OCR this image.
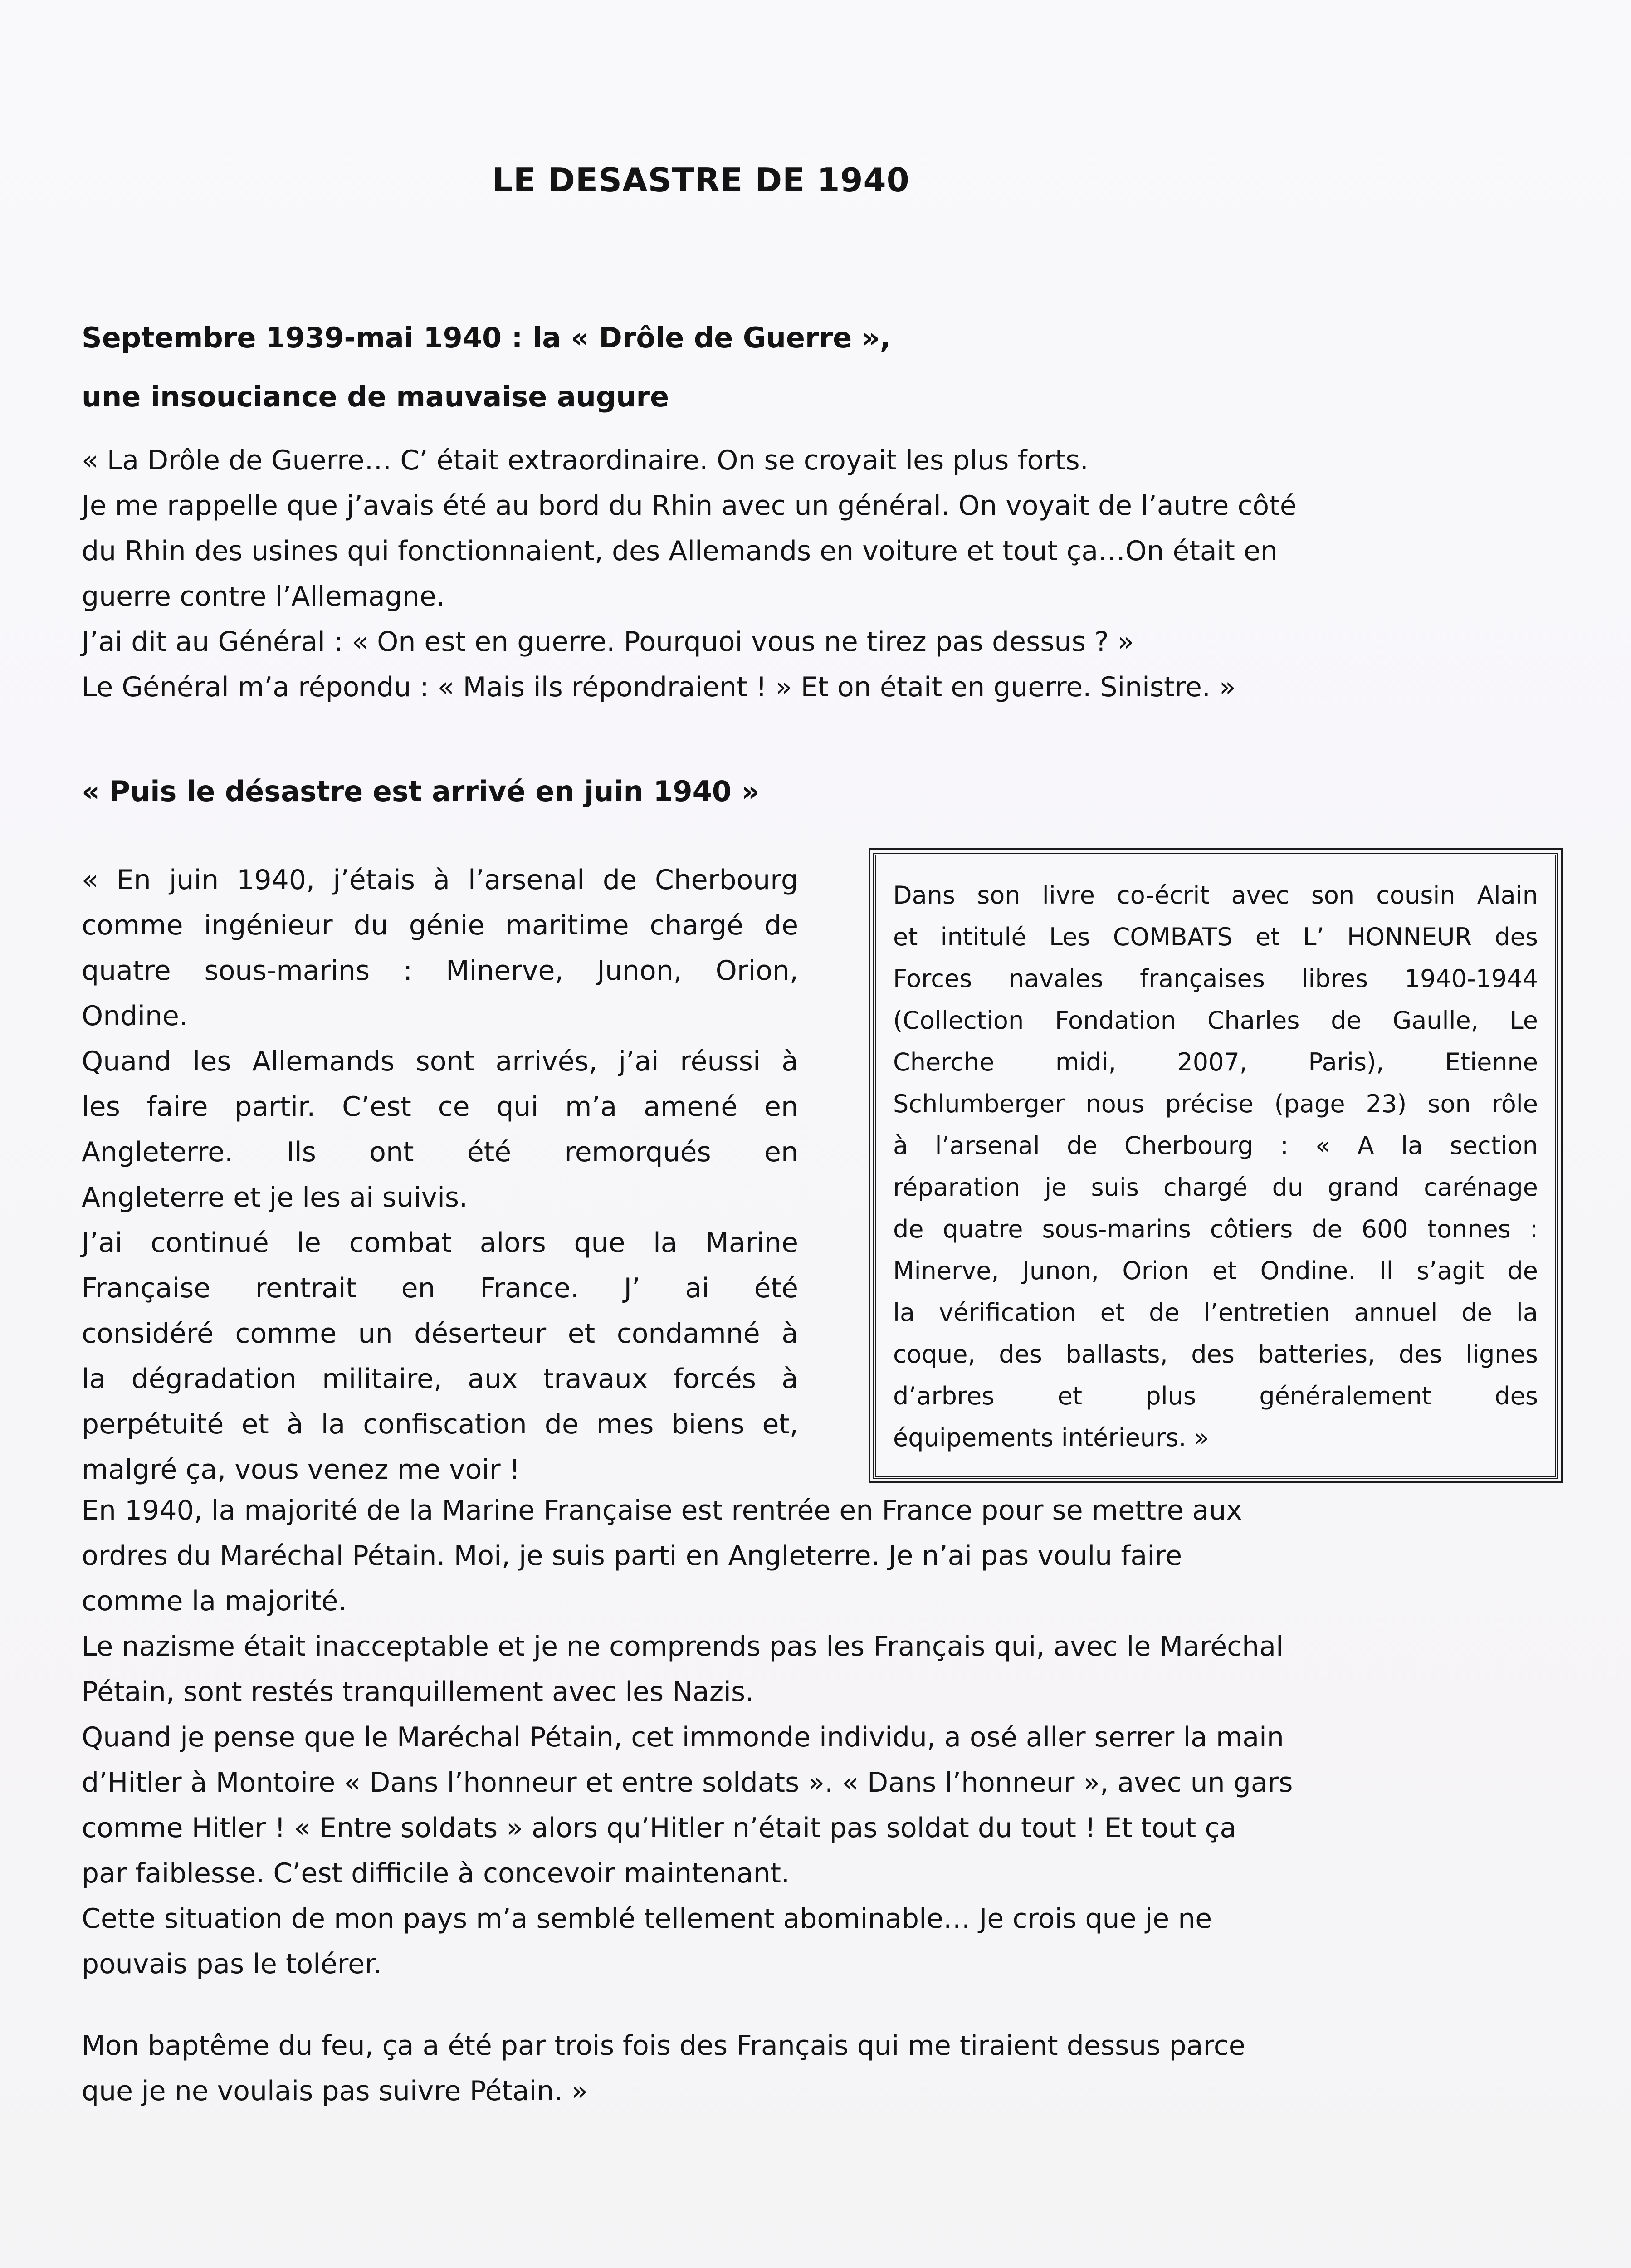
LE DESASTRE DE 1940
Septembre 1939-mai 1940 : la « Drôle de Guerre »,
une insouciance de mauvaise augure

« La Drôle de Guerre… C’ était extraordinaire. On se croyait les plus forts.
Je me rappelle que j’avais été au bord du Rhin avec un général. On voyait de l’autre côté
du Rhin des usines qui fonctionnaient, des Allemands en voiture et tout ça…On était en
guerre contre l’Allemagne.
J’ai dit au Général : « On est en guerre. Pourquoi vous ne tirez pas dessus ? »
Le Général m’a répondu : « Mais ils répondraient ! » Et on était en guerre. Sinistre. »

« Puis le désastre est arrivé en juin 1940 »

« En juin 1940, j’étais à l’arsenal de Cherbourg
comme ingénieur du génie maritime chargé de
quatre sous-marins : Minerve, Junon, Orion,
Ondine.
Quand les Allemands sont arrivés, j’ai réussi à
les faire partir. C’est ce qui m’a amené en
Angleterre. Ils ont été remorqués en
Angleterre et je les ai suivis.
J’ai continué le combat alors que la Marine
Française rentrait en France. J’ ai été
considéré comme un déserteur et condamné à
la dégradation militaire, aux travaux forcés à
perpétuité et à la confiscation de mes biens et,
malgré ça, vous venez me voir !

Dans son livre co-écrit avec son cousin Alain
et intitulé Les COMBATS et L’ HONNEUR des
Forces navales françaises libres 1940-1944
(Collection Fondation Charles de Gaulle, Le
Cherche midi, 2007, Paris), Etienne
Schlumberger nous précise (page 23) son rôle
à l’arsenal de Cherbourg : « A la section
réparation je suis chargé du grand carénage
de quatre sous-marins côtiers de 600 tonnes :
Minerve, Junon, Orion et Ondine. Il s’agit de
la vérification et de l’entretien annuel de la
coque, des ballasts, des batteries, des lignes
d’arbres et plus généralement des
équipements intérieurs. »

En 1940, la majorité de la Marine Française est rentrée en France pour se mettre aux
ordres du Maréchal Pétain. Moi, je suis parti en Angleterre. Je n’ai pas voulu faire
comme la majorité.
Le nazisme était inacceptable et je ne comprends pas les Français qui, avec le Maréchal
Pétain, sont restés tranquillement avec les Nazis.
Quand je pense que le Maréchal Pétain, cet immonde individu, a osé aller serrer la main
d’Hitler à Montoire « Dans l’honneur et entre soldats ». « Dans l’honneur », avec un gars
comme Hitler ! « Entre soldats » alors qu’Hitler n’était pas soldat du tout ! Et tout ça
par faiblesse. C’est difficile à concevoir maintenant.
Cette situation de mon pays m’a semblé tellement abominable… Je crois que je ne
pouvais pas le tolérer.

Mon baptême du feu, ça a été par trois fois des Français qui me tiraient dessus parce
que je ne voulais pas suivre Pétain. »
